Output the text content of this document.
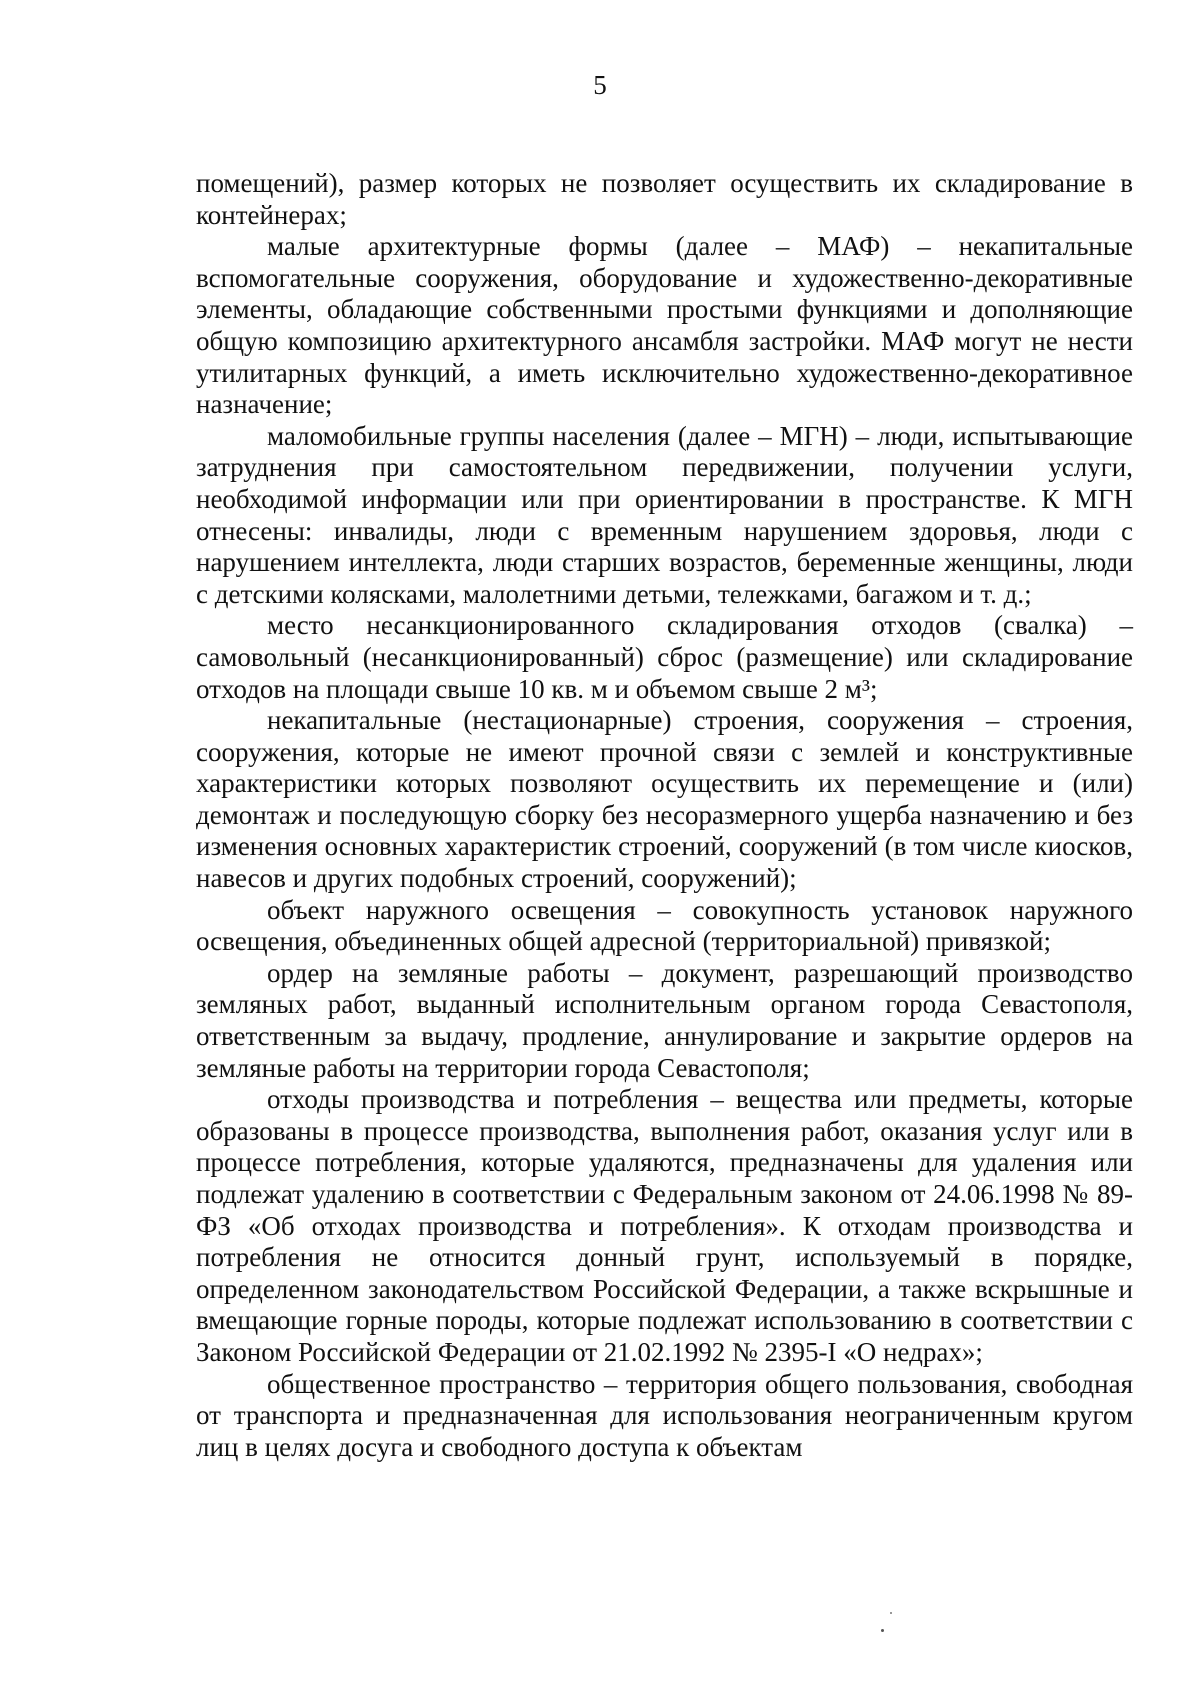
5

помещений), размер которых не позволяет осуществить их складирование в контейнерах;

малые архитектурные формы (далее – МАФ) – некапитальные вспомогательные сооружения, оборудование и художественно-декоративные элементы, обладающие собственными простыми функциями и дополняющие общую композицию архитектурного ансамбля застройки. МАФ могут не нести утилитарных функций, а иметь исключительно художественно-декоративное назначение;

маломобильные группы населения (далее – МГН) – люди, испытывающие затруднения при самостоятельном передвижении, получении услуги, необходимой информации или при ориентировании в пространстве. К МГН отнесены: инвалиды, люди с временным нарушением здоровья, люди с нарушением интеллекта, люди старших возрастов, беременные женщины, люди с детскими колясками, малолетними детьми, тележками, багажом и т. д.;

место несанкционированного складирования отходов (свалка) – самовольный (несанкционированный) сброс (размещение) или складирование отходов на площади свыше 10 кв. м и объемом свыше 2 м³;

некапитальные (нестационарные) строения, сооружения – строения, сооружения, которые не имеют прочной связи с землей и конструктивные характеристики которых позволяют осуществить их перемещение и (или) демонтаж и последующую сборку без несоразмерного ущерба назначению и без изменения основных характеристик строений, сооружений (в том числе киосков, навесов и других подобных строений, сооружений);

объект наружного освещения – совокупность установок наружного освещения, объединенных общей адресной (территориальной) привязкой;

ордер на земляные работы – документ, разрешающий производство земляных работ, выданный исполнительным органом города Севастополя, ответственным за выдачу, продление, аннулирование и закрытие ордеров на земляные работы на территории города Севастополя;

отходы производства и потребления – вещества или предметы, которые образованы в процессе производства, выполнения работ, оказания услуг или в процессе потребления, которые удаляются, предназначены для удаления или подлежат удалению в соответствии с Федеральным законом от 24.06.1998 № 89-ФЗ «Об отходах производства и потребления». К отходам производства и потребления не относится донный грунт, используемый в порядке, определенном законодательством Российской Федерации, а также вскрышные и вмещающие горные породы, которые подлежат использованию в соответствии с Законом Российской Федерации от 21.02.1992 № 2395-I «О недрах»;

общественное пространство – территория общего пользования, свободная от транспорта и предназначенная для использования неограниченным кругом лиц в целях досуга и свободного доступа к объектам
